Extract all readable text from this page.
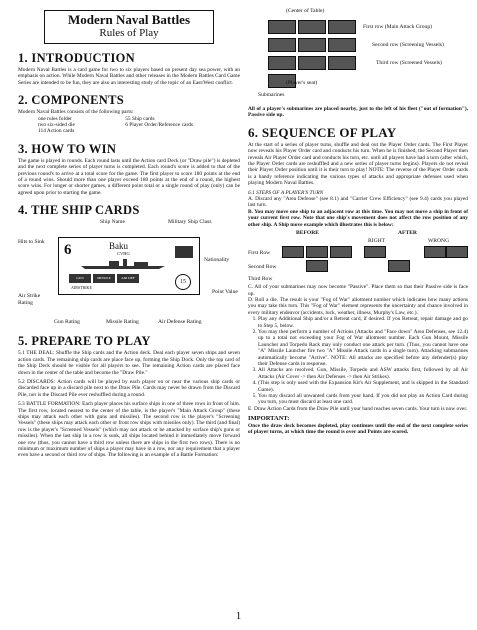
Modern Naval Battles
Rules of Play
1. INTRODUCTION

Modern Naval Battles is a card game for two to six players based on present day sea power, with an emphasis on action. While Modern Naval Battles and other releases in the Modern Battles Card Game Series are intended to be fun, they are also an interesting study of the topic of an East/West conflict.

2. COMPONENTS

Modern Naval Battles consists of the following parts:

one rules folder	55 Ship cards
two six-sided die	6 Player Order/Reference cards
114 Action cards	
3. HOW TO WIN

The game is played in rounds. Each round lasts until the Action card Deck (or "Draw pile") is depleted and the next complete series of player turns is completed. Each round's score is added to that of the previous round's to arrive at a total score for the game. The first player to score 180 points at the end of a round wins. Should more than one player exceed 180 points at the end of a round, the highest score wins. For longer or shorter games, a different point total or a single round of play (only) can be agreed upon prior to starting the game.

4. THE SHIP CARDS
Ship Name	Military Ship Class
Hits to Sink
Nationality
Air Strike Rating
Point Value
Gun Rating	Missile Rating	Air Defense Rating
6	Baku
CVHG
GUN	MISSILE	AIR DEF
AIRSTRIKE
15
5. PREPARE TO PLAY

5.1 THE DEAL: Shuffle the Ship cards and the Action deck. Deal each player seven ships and seven action cards. The remaining ship cards are place face up, forming the Ship Dock. Only the top card of the Ship Deck should be visible for all players to see. The remaining Action cards are placed face down in the center of the table and become the "Draw Pile."

5.2 DISCARDS: Action cards will be played by each player on or near the various ship cards or discarded face up in a discard pile next to the Draw Pile. Cards may never be drawn from the Discard Pile, nor is the Discard Pile ever reshuffled during a round.

5.3 BATTLE FORMATION: Each player places his surface ships in one of three rows in front of him. The first row, located nearest to the center of the table, is the player's "Main Attack Group" (these ships may attack each other with guns and missiles). The second row is the player's "Screening Vessels" (these ships may attack each other or front row ships with missiles only). The third (and final) row is the player's "Screened Vessels" (which may not attack or be attacked by surface ship's guns or missiles). When the last ship in a row is sunk, all ships located behind it immediately move forward one row (thus, you cannot have a third row unless there are ships in the first two rows). There is no minimum or maximum number of ships a player may have in a row, nor any requirement that a player even have a second or third row of ships. The following is an example of a Battle Formation:

(Center of Table)
First row (Main Attack Group)
Second row (Screening Vessels)
Third row (Screened Vessels)
(Player's seat)
Submarines

All of a player's submarines are placed nearby, just to the left of his fleet ("out of formation"), Passive side up.

6. SEQUENCE OF PLAY

At the start of a series of player turns, shuffle and deal out the Player Order cards. The First Player now reveals his Player Order card and conducts his turn. When he is finished, the Second Player then reveals Air Player Order card and conducts his turn, etc. until all players have had a turn (after which, the Player Order cards are reshuffled and a new series of player turns begins). Players do not reveal their Player Order position until it is their turn to play! NOTE: The reverse of the Player Order cards is a handy reference indicating the various types of attacks and appropriate defenses used when playing Modern Naval Battles.

6.1 STEPS OF A PLAYER'S TURN

A. Discard any "Area Defense" (see 8.1) and "Carrier Crew Efficiency" (see 9.4) cards you played last turn.

B. You may move one ship to an adjacent row at this time. You may not move a ship in front of your current first row. Note that one ship's movement does not affect the row position of any other ship. A Ship move example which illustrates this is below:

BEFORE	AFTER
RIGHT	WRONG
First Row
Second Row
Third Row

C. All of your submarines may now become "Passive". Place them so that their Passive side is face up.

D. Roll a die. The result is your "Fog of War" allotment number which indicates how many actions you may take this turn. This "Fog of War" element represents the uncertainty and chance involved in every military endeavor (accidents, luck, weather, illness, Murphy's Law, etc.).

1. Play any Additional Ship and/or a Retreat card, if desired. If you Retreat, repair damage and go to Step 5, below.
2. You may then perform a number of Actions (Attacks and "Face down" Area Defenses, see 12.4) up to a total not exceeding your Fog of War allotment number. Each Gun Mount, Missile Launcher and Torpedo Rack may only conduct one attack per turn. (Thus, you cannot have one "A" Missile Launcher fire two "A" Missile Attack cards in a single turn). Attacking submarines automatically become "Active". NOTE: All attacks are specified before any defender(s) play their Defense cards in response.
3. All Attacks are resolved. Gun, Missile, Torpedo and ASW attacks first, followed by all Air Attacks (Air Cover -> then Air Defenses -> then Air Strikes).
4. (This step is only used with the Expansion Kit's Air Supplement, and is skipped in the Standard Game).
5. You may discard all unwanted cards from your hand. If you did not play an Action Card during you turn, you must discard at least one card.

E. Draw Action Cards from the Draw Pile until your hand reaches seven cards. Your turn is now over.

IMPORTANT:

Once the draw deck becomes depleted, play continues until the end of the next complete series of player turns, at which time the round is over and Points are scored.

1
